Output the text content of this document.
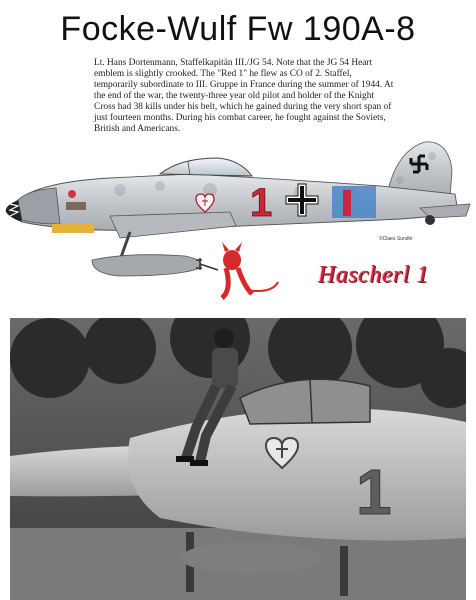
Focke-Wulf Fw 190A-8
Lt. Hans Dortenmann, Staffelkapitän III./JG 54. Note that the JG 54 Heart emblem is slightly crooked. The "Red 1" he flew as CO of 2. Staffel, temporarily subordinate to III. Gruppe in France during the summer of 1944. At the end of the war, the twenty-three year old pilot and holder of the Knight Cross had 38 kills under his belt, which he gained during the very short span of just fourteen months. During his combat career, he fought against the Soviets, British and Americans.
1
©Claes Sundin
Hascherl 1
1
